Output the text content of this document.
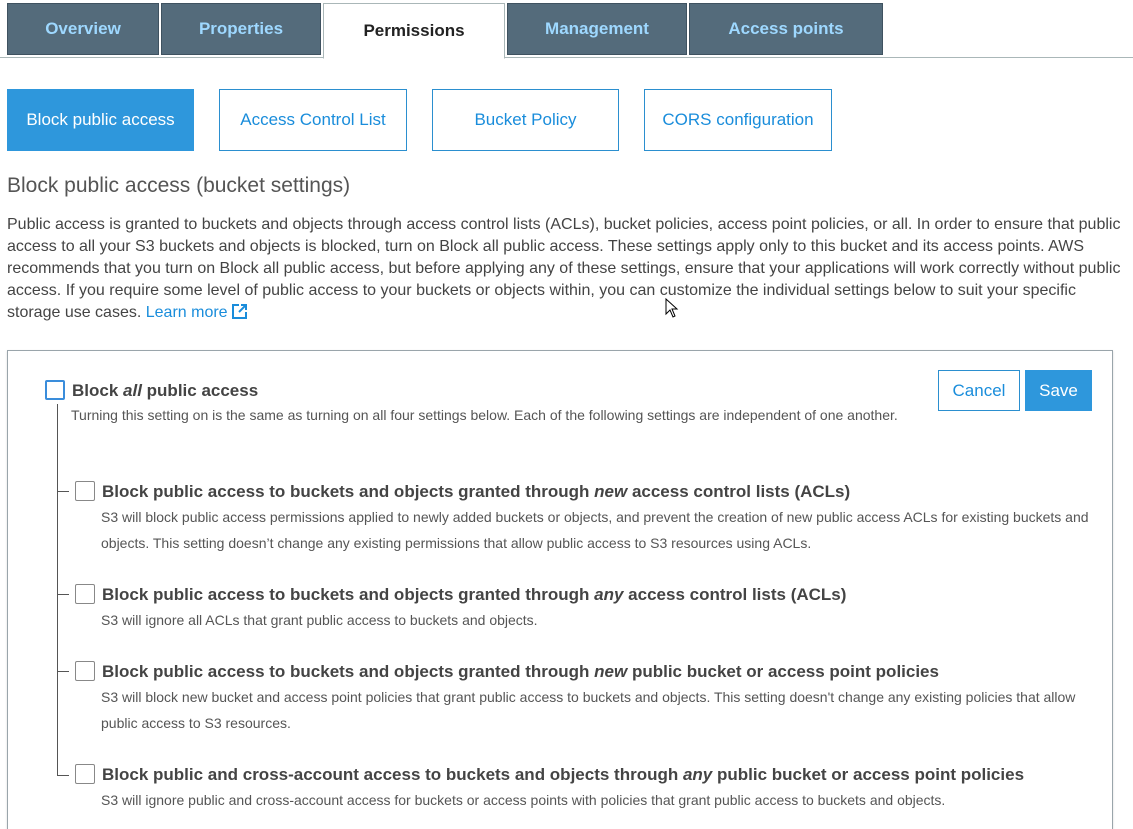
Overview	Properties	Permissions	Management	Access points
Block public access	Access Control List	Bucket Policy	CORS configuration
Block public access (bucket settings)
Public access is granted to buckets and objects through access control lists (ACLs), bucket policies, access point policies, or all. In order to ensure that public access to all your S3 buckets and objects is blocked, turn on Block all public access. These settings apply only to this bucket and its access points. AWS recommends that you turn on Block all public access, but before applying any of these settings, ensure that your applications will work correctly without public access. If you require some level of public access to your buckets or objects within, you can customize the individual settings below to suit your specific storage use cases. Learn more
Block all public access
Turning this setting on is the same as turning on all four settings below. Each of the following settings are independent of one another.
Cancel Save
Block public access to buckets and objects granted through new access control lists (ACLs)
S3 will block public access permissions applied to newly added buckets or objects, and prevent the creation of new public access ACLs for existing buckets and objects. This setting doesn’t change any existing permissions that allow public access to S3 resources using ACLs.
Block public access to buckets and objects granted through any access control lists (ACLs)
S3 will ignore all ACLs that grant public access to buckets and objects.
Block public access to buckets and objects granted through new public bucket or access point policies
S3 will block new bucket and access point policies that grant public access to buckets and objects. This setting doesn't change any existing policies that allow public access to S3 resources.
Block public and cross-account access to buckets and objects through any public bucket or access point policies
S3 will ignore public and cross-account access for buckets or access points with policies that grant public access to buckets and objects.
